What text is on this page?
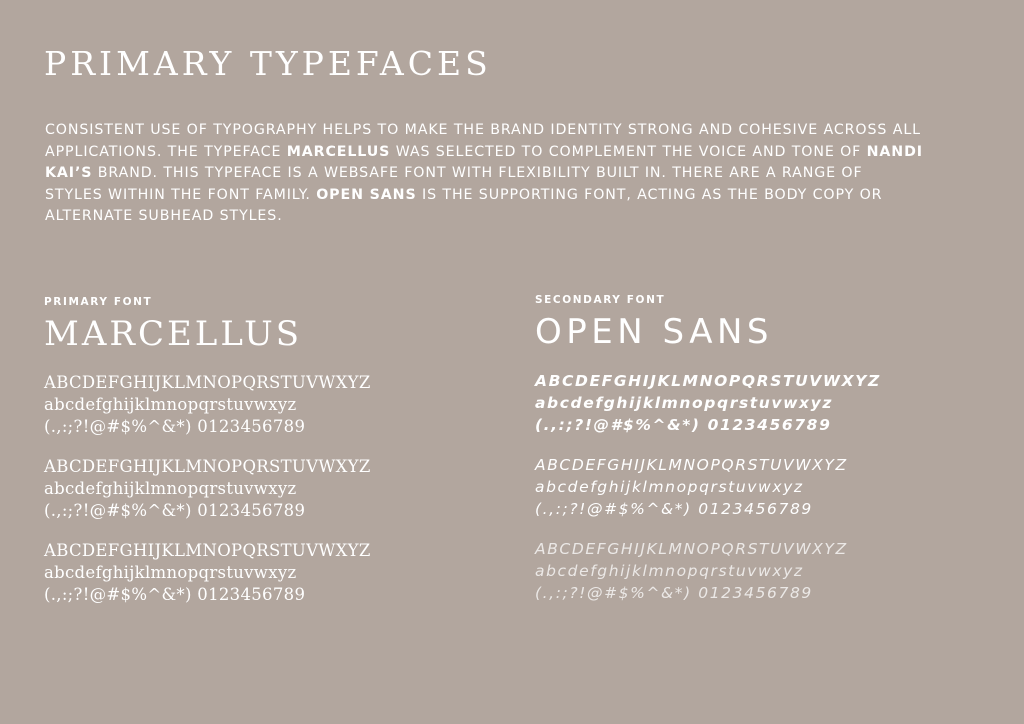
PRIMARY TYPEFACES

CONSISTENT USE OF TYPOGRAPHY HELPS TO MAKE THE BRAND IDENTITY STRONG AND COHESIVE ACROSS ALL APPLICATIONS. THE TYPEFACE MARCELLUS WAS SELECTED TO COMPLEMENT THE VOICE AND TONE OF NANDI KAI’S BRAND. THIS TYPEFACE IS A WEBSAFE FONT WITH FLEXIBILITY BUILT IN. THERE ARE A RANGE OF STYLES WITHIN THE FONT FAMILY. OPEN SANS IS THE SUPPORTING FONT, ACTING AS THE BODY COPY OR ALTERNATE SUBHEAD STYLES.

PRIMARY FONT
MARCELLUS
ABCDEFGHIJKLMNOPQRSTUVWXYZ
abcdefghijklmnopqrstuvwxyz
(.,:;?!@#$%^&*) 0123456789
ABCDEFGHIJKLMNOPQRSTUVWXYZ
abcdefghijklmnopqrstuvwxyz
(.,:;?!@#$%^&*) 0123456789
ABCDEFGHIJKLMNOPQRSTUVWXYZ
abcdefghijklmnopqrstuvwxyz
(.,:;?!@#$%^&*) 0123456789
SECONDARY FONT
OPEN SANS
ABCDEFGHIJKLMNOPQRSTUVWXYZ
abcdefghijklmnopqrstuvwxyz
(.,:;?!@#$%^&*) 0123456789
ABCDEFGHIJKLMNOPQRSTUVWXYZ
abcdefghijklmnopqrstuvwxyz
(.,:;?!@#$%^&*) 0123456789
ABCDEFGHIJKLMNOPQRSTUVWXYZ
abcdefghijklmnopqrstuvwxyz
(.,:;?!@#$%^&*) 0123456789
